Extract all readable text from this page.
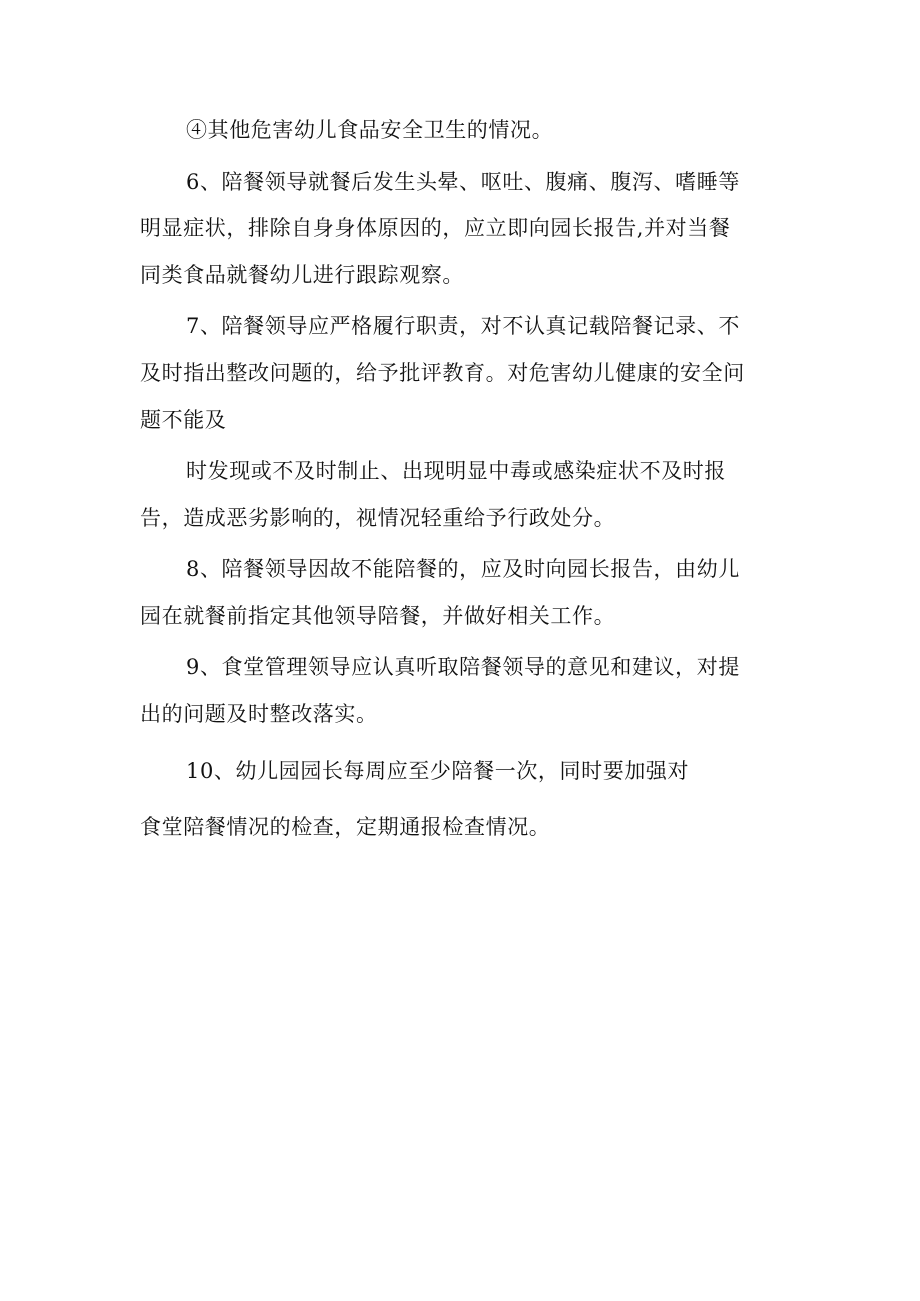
④其他危害幼儿食品安全卫生的情况。
6、陪餐领导就餐后发生头晕、呕吐、腹痛、腹泻、嗜睡等
明显症状，排除自身身体原因的，应立即向园长报告,并对当餐
同类食品就餐幼儿进行跟踪观察。
7、陪餐领导应严格履行职责，对不认真记载陪餐记录、不
及时指出整改问题的，给予批评教育。对危害幼儿健康的安全问
题不能及
时发现或不及时制止、出现明显中毒或感染症状不及时报
告，造成恶劣影响的，视情况轻重给予行政处分。
8、陪餐领导因故不能陪餐的，应及时向园长报告，由幼儿
园在就餐前指定其他领导陪餐，并做好相关工作。
9、食堂管理领导应认真听取陪餐领导的意见和建议，对提
出的问题及时整改落实。
10、幼儿园园长每周应至少陪餐一次，同时要加强对
食堂陪餐情况的检查，定期通报检查情况。
